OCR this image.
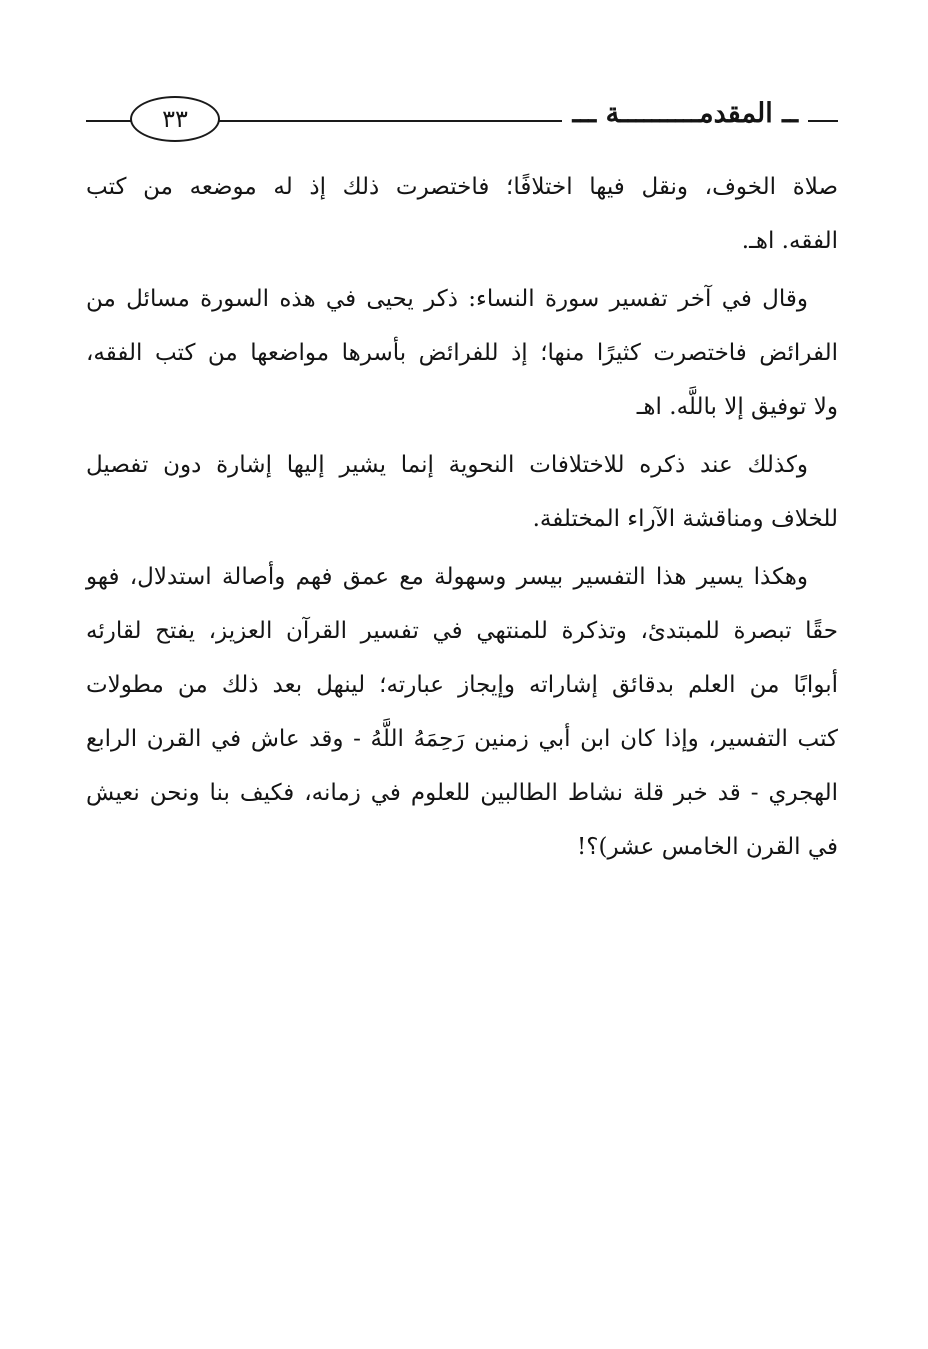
٣٣	ــ المقدمــــــــــة ـــ

صلاة الخوف، ونقل فيها اختلافًا؛ فاختصرت ذلك إذ له موضعه من كتب
الفقه. اهـ.

وقال في آخر تفسير سورة النساء: ذكر يحيى في هذه السورة مسائل من
الفرائض فاختصرت كثيرًا منها؛ إذ للفرائض بأسرها مواضعها من كتب الفقه،
ولا توفيق إلا باللَّه. اهـ

وكذلك عند ذكره للاختلافات النحوية إنما يشير إليها إشارة دون تفصيل
للخلاف ومناقشة الآراء المختلفة.

وهكذا يسير هذا التفسير بيسر وسهولة مع عمق فهم وأصالة استدلال، فهو
حقًا تبصرة للمبتدئ، وتذكرة للمنتهي في تفسير القرآن العزيز، يفتح لقارئه
أبوابًا من العلم بدقائق إشاراته وإيجاز عبارته؛ لينهل بعد ذلك من مطولات
كتب التفسير، وإذا كان ابن أبي زمنين رَحِمَهُ اللَّهُ - وقد عاش في القرن الرابع
الهجري - قد خبر قلة نشاط الطالبين للعلوم في زمانه، فكيف بنا ونحن نعيش
في القرن الخامس عشر)؟!
